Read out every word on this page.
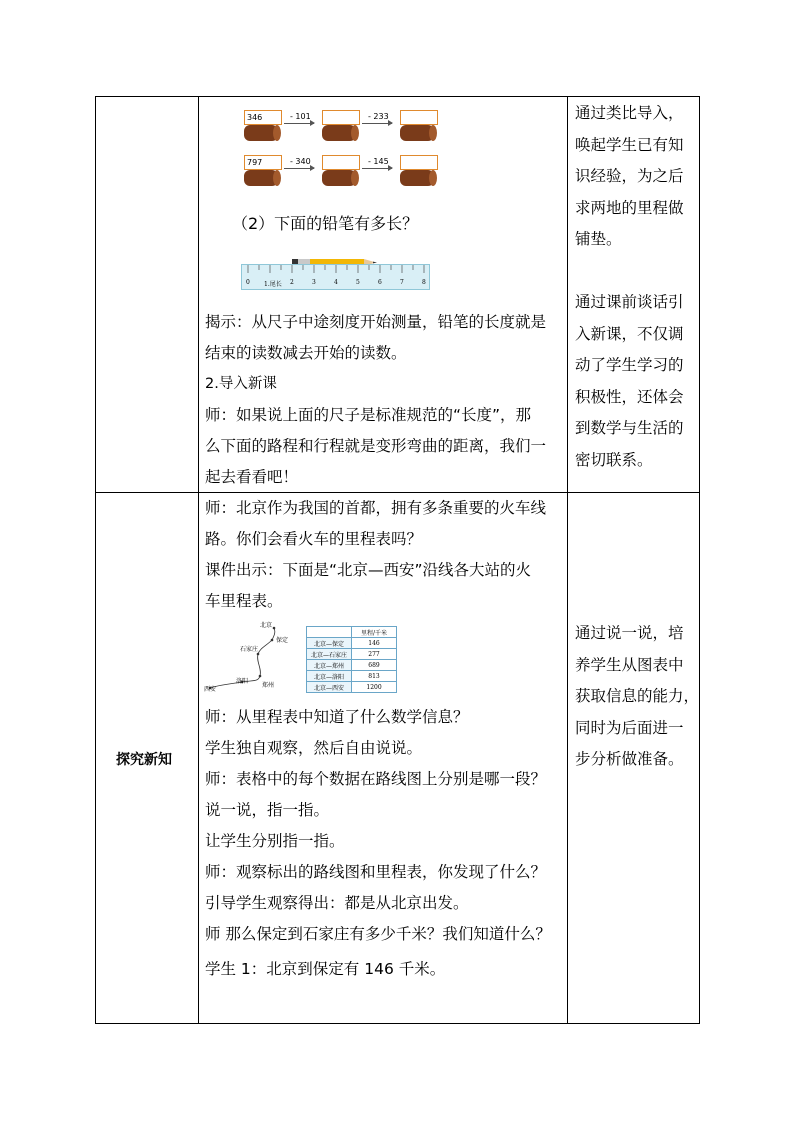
346	- 101	- 233
797	- 340	- 145
（2）下面的铅笔有多长？
0 1.尾长 2	3	4	5	6	7	8
揭示：从尺子中途刻度开始测量，铅笔的长度就是
结束的读数减去开始的读数。
2.导入新课
师：如果说上面的尺子是标准规范的“长度”，那
么下面的路程和行程就是变形弯曲的距离，我们一
起去看看吧！
通过类比导入，
唤起学生已有知
识经验，为之后
求两地的里程做
铺垫。
通过课前谈话引
入新课，不仅调
动了学生学习的
积极性，还体会
到数学与生活的
密切联系。
探究新知
师：北京作为我国的首都，拥有多条重要的火车线
路。你们会看火车的里程表吗？
课件出示：下面是“北京—西安”沿线各大站的火
车里程表。
北京
保定
石家庄
郑州
洛阳
西安
	里程/千米
北京—保定	146
北京—石家庄	277
北京—郑州	689
北京—洛阳	813
北京—西安	1200
师：从里程表中知道了什么数学信息？
学生独自观察，然后自由说说。
师：表格中的每个数据在路线图上分别是哪一段？
说一说，指一指。
让学生分别指一指。
师：观察标出的路线图和里程表，你发现了什么？
引导学生观察得出：都是从北京出发。
师 那么保定到石家庄有多少千米？我们知道什么？
学生 1：北京到保定有 146 千米。
通过说一说，培
养学生从图表中
获取信息的能力，
同时为后面进一
步分析做准备。
